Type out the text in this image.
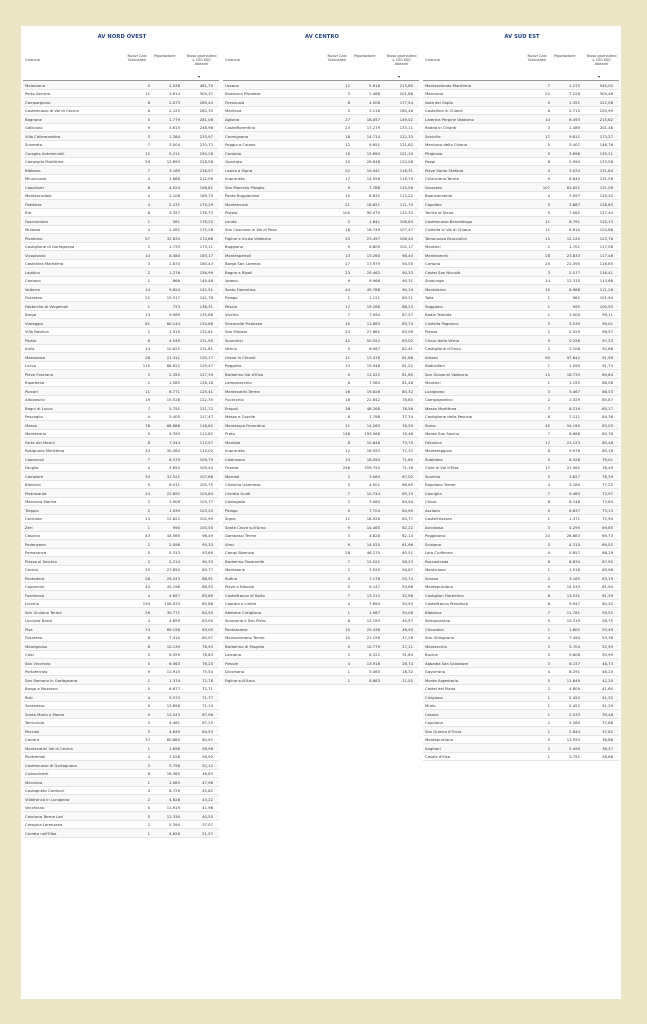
AV NORD OVEST
Comune
Nuovi Casi Giornalieri
Popolazione	Tasso giornaliero x 100.000 abitanti
Molazzana	5	1.038	481,70
Porto Azzurro	11	3.614	304,37
Camporgiano	6	2.073	289,44
Castelnuovo di Val di Cecina	6	2.125	282,35
Bagnone	5	1.779	281,06
Gallicano	9	3.615	248,96
Villa Collemandina	3	1.284	233,97
Suvereto	7	3.004	233,72
Coreglia Antelminelli	12	5.211	230,28
Campiglia Marittima	29	12.693	228,56
Bibbona	7	3.169	216,57
Minucciano	4	1.886	212,09
Capoliveri	8	4.024	198,81
Montescudaio	4	2.108	189,75
Filattiera	4	2.231	179,29
Rio	6	3.357	178,73
Fosciandora	1	561	178,25
Mulazzo	4	2.282	175,28
Piombino	57	32.634	174,66
Castiglione di Garfagnana	3	1.733	173,11
Vicopisano	14	8.580	163,17
Castellina Marittima	3	1.870	160,43
Lajatico	2	1.276	156,99
Comano	1	666	149,48
Volterra	14	9.824	142,51
Fivizzano	22	15.517	141,78
Fabbriche di Vergemoli	1	723	138,31
Barga	13	9.569	135,86
Viareggio	81	60.144	134,68
Villa Basilica	2	1.519	132,61
Palaia	6	4.549	131,90
Aulla	14	10.621	131,81
Massarosa	28	21.311	130,17
Lucca	115	88.822	129,47
Pieve Fosciana	3	2.355	127,39
Riparbella	2	1.585	126,18
Porcari	11	8.771	125,41
Altopascio	19	15.528	122,35
Bagni di Lucca	7	5.751	121,72
Pescaglia	4	3.405	117,47
Massa	78	66.886	116,62
Montecarlo	5	4.393	113,82
Forte dei Marmi	8	7.344	113,57
Rosignano Marittimo	34	30.084	113,02
Capannoli	7	6.379	109,75
Fauglia	4	3.655	109,44
Camaiore	34	31.521	107,86
Bientina	9	8.511	105,75
Pietrasanta	24	22.892	104,84
Marciana Marina	2	1.909	104,77
Treppio	2	1.939	103,20
Cecinata	13	12.622	102,99
Zeri	1	990	100,50
Cascina	43	44.565	96,49
Podenzana	2	2.098	95,33
Pomarance	5	5.313	93,69
Piazza al Serchio	2	2.214	90,33
Cecina	25	27.850	89,77
Pontedera	26	29.243	88,91
Capannori	40	45.196	88,50
Fosdinovo	4	4.657	85,89
Livorno	134	156.033	85,88
San Giuliano Terme	26	30.771	84,50
Licciana Nardi	4	4.859	83,00
Pisa	74	89.158	83,00
Fivizzano	6	7.410	80,97
Montignoso	8	10.139	78,93
Calci	5	6.359	78,63
San Vincenzo	5	6.563	76,20
Portoferraio	9	11.915	75,54
San Romano in Garfagnana	1	1.374	72,78
Borgo a Mozzano	5	6.877	72,71
Buti	4	5.573	71,77
Seravezza	9	12.658	71,10
Santa Maria a Monte	9	13.243	67,96
Terricciola	3	4.461	67,25
Peccioli	3	4.649	64,53
Carrara	37	60.685	60,97
Montecatini Val di Cecina	1	1.696	58,96
Pontremoli	4	7.028	56,92
Castelnuovo di Garfagnana	3	5.756	52,12
Collesalvetti	8	16.385	48,83
Marciana	1	2.085	47,96
Castagneto Carducci	4	8.729	45,82
Villafranca in Lunigiana	2	4.628	43,22
Vecchiano	5	11.919	41,96
Casciana Terme Lari	5	12.330	40,55
Crespina Lorenzana	2	5.390	37,07
Cerreto nell'Elba	1	4.626	21,57
AV CENTRO
Comune
Nuovi Casi Giornalieri
Popolazione	Tasso giornaliero x 100.000 abitanti
Uzzano	12	5.618	213,60
Sambuca Pistoiese	3	1.486	201,88
Firenzuola	8	4.506	177,54
Marliana	5	3.116	160,46
Agliana	27	18.057	149,52
Castelfiorentino	23	17.279	133,11
Carmignano	18	14.714	122,33
Poggio a Caiano	12	9.851	121,82
Certaldo	19	15.690	121,10
Quarrata	32	26.648	120,08
Lastra a Signa	22	19.441	116,31
Impruneta	17	14.556	116,79
San Marcello Piteglio	9	7.788	115,56
Ponte Buggianese	10	8.832	113,22
Montemurlo	21	18.851	111,70
Pistoia	100	90.479	110,32
Londa	2	1.841	108,64
San Casciano in Val di Pesa	18	16.749	107,47
Figline e Incisa Valdarno	25	23.497	106,40
Buggiano	9	8.809	102,17
Montespertoli	13	13.260	98,40
Borgo San Lorenzo	17	17.979	94,55
Bagno a Ripoli	23	25.462	90,33
Vaiano	9	9.966	90,31
Sesto Fiorentino	44	49.788	90,19
Pelago	1	1.121	89,21
Pescia	17	19.268	88,23
Vicchio	7	7.994	87,57
Serravalle Pistoiese	10	11.663	85,74
San Miniato	23	27.681	83,09
Scandicci	42	50.552	83,02
Vernio	5	6.067	82,41
Greve in Chianti	11	13.478	81,66
Reggello	13	15.948	81,22
Barberino Val d'Elsa	9	11.022	81,65
Lamporecchio	6	7.364	81,48
Montecatini-Terme	16	19.626	80,32
Fucecchio	18	22.642	78,80
Empoli	38	48.268	78,56
Massa e Cozzile	6	7.798	77,34
Montelupo Fiorentino	11	14.263	76,59
Prato	148	193.568	76,46
Montale	8	10.848	73,75
Impruneta	12	16.593	72,32
Calenzano	13	18.094	71,85
Firenze	256	359.755	71,16
Marradi	2	3.064	67,02
Chiesina Uzzanese	3	4.501	66,65
Cerreto Guidi	7	10.744	65,15
Cantagallo	2	3.080	64,94
Pelago	5	7.704	64,90
Signa	11	18.926	64,77
Santa Croce sull'Arno	9	14.465	62,22
Gambassi Terme	3	4.828	62,14
Vinci	9	14.525	61,96
Campi Bisenzio	28	46.270	60,51
Barberino Tavarnelle	7	12.021	58,23
Montaione	2	3.529	56,67
Rufina	4	7.176	55,74
Pieve a Nievole	5	9.147	54,66
Castelfranco di Sotto	7	13.213	52,98
Capraia e Limite	4	7.694	50,93
Abetone Cutigliano	1	1.967	50,08
Scarperia e San Piero	6	12.193	49,57
Pontassieve	10	20.436	48,93
Monsummano Terme	10	21.158	47,26
Barberino di Mugello	5	10.779	27,11
Larciano	3	6.322	31,64
Fiesole	4	13.918	28,74
Dicomano	1	5.460	18,32
Figline sull'Arno	1	8.683	11,52
AV SUD EST
Comune
Nuovi Casi Giornalieri
Popolazione	Tasso giornaliero x 100.000 abitanti
Monterotondo Marittimo	7	1.275	549,02
Manciano	22	7.226	304,46
Isola del Giglio	5	1.351	222,06
Castellina in Chianti	6	2.715	220,99
Laterina Pergine Valdarno	14	6.493	215,62
Radda in Chianti	3	1.489	201,48
Sovicille	17	9.811	173,27
Marciano della Chiana	5	3.407	146,76
Pitigliano	5	3.698	135,21
Poppi	8	5.990	133,56
Pieve Santo Stefano	4	3.034	131,84
Chianciano Terme	9	6.840	131,58
Grosseto	107	81.621	131,09
Buonconvento	4	3.097	129,32
Capalbio	5	3.887	128,63
Torrita di Siena	9	7.062	127,44
Castelnuovo Berardenga	11	8.791	125,13
Civitella in Val di Chiana	11	8.810	124,86
Terranuova Bracciolini	15	12.120	123,76
Montieri	2	1.701	117,58
Montevarchi	28	23.833	117,48
Cortona	25	21.395	116,85
Castel San Niccolò	3	2.577	116,41
Sinalunga	14	12.315	113,68
Montalcino	10	8.988	111,26
Talla	1	981	101,94
Seggiano	1	995	100,50
Badia Tedalda	1	1.009	99,11
Civitella Paganico	3	3.030	99,01
Pienza	2	2.029	98,57
Chiusi della Verna	9	9.256	97,23
Castiglione d'Orcia	2	2.108	92,88
Arezzo	90	97.842	91,99
Radicofani	1	1.099	91,74
San Giovanni Valdarno	15	16.733	89,64
Montieri	1	1.155	86,58
Lucignano	3	3.467	86,53
Campagnatico	2	2.329	85,87
Massa Marittima	7	8.219	85,17
Castiglione della Pescaia	6	7.111	84,38
Siena	45	54.195	83,03
Monte San Savino	7	8.668	80,76
Follonica	17	21.123	80,48
Montereggioni	8	9.976	80,18
Subbiano	5	6.328	79,01
Colle di Val d'Elsa	17	21.562	78,49
Scarlino	3	3.827	78,39
Rapolano Terme	4	5.180	77,22
Cavriglia	7	9.463	73,97
Chiusi	6	8.148	73,64
Asciano	5	6.837	73,13
Castell'Azzara	1	1.371	72,94
Arcidosso	3	4.295	69,85
Poggibonsi	20	28.683	69,73
Sciaiano	3	4.315	69,52
Loro Ciuffenna	4	5.857	68,29
Roccastrada	6	8.834	67,92
Monticiano	1	1.518	65,96
Sorano	2	3.165	63,19
Montepulciano	9	14.533	61,94
Castiglion Fiorentino	8	13.031	61,39
Castelfranco Piandiscò	6	9.947	60,32
Bibbiena	7	11.761	59,52
Semproniano	9	15.319	58,75
Chiusdino	1	1.802	55,49
San Gimignano	4	7.494	53,38
Montecchio	3	5.704	52,59
Bucine	5	9.806	50,99
Abbadia San Salvatore	3	6.157	48,73
Gavorrano	4	8.291	48,25
Monte Argentario	5	11.849	42,20
Castel del Piano	2	4.809	41,60
Cinigiano	1	2.420	41,32
Murlo	1	2.422	41,29
Cetona	1	2.533	39,48
Capolona	2	5.280	37,88
San Quirico d'Orcia	1	2.644	37,82
Montepulciano	5	13.593	36,86
Anghiari	2	5.499	36,37
Casole d'Elsa	1	3.751	26,66
